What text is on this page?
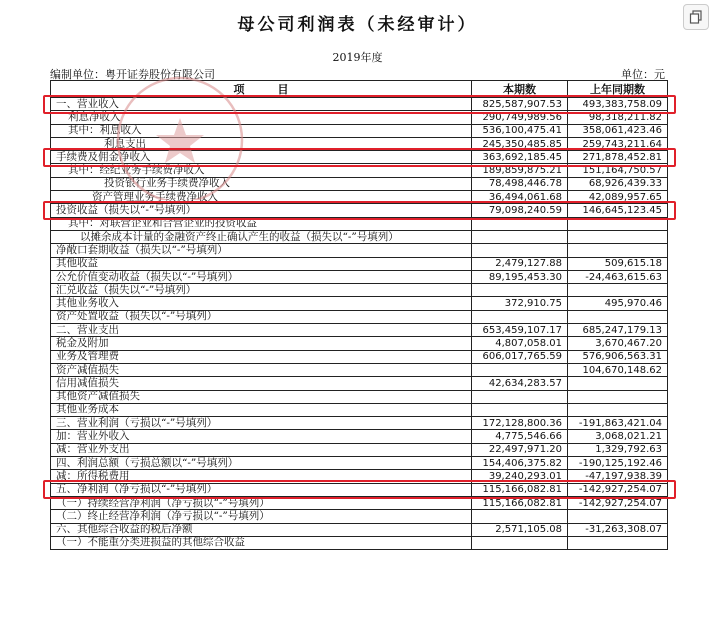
母公司利润表（未经审计）
2019年度
编制单位：粤开证券股份有限公司	单位：元
项　　　目	本期数	上年同期数
一、营业收入	825,587,907.53	493,383,758.09
利息净收入	290,749,989.56	98,318,211.82
其中：利息收入	536,100,475.41	358,061,423.46
利息支出	245,350,485.85	259,743,211.64
手续费及佣金净收入	363,692,185.45	271,878,452.81
其中：经纪业务手续费净收入	189,859,875.21	151,164,750.57
投资银行业务手续费净收入	78,498,446.78	68,926,439.33
资产管理业务手续费净收入	36,494,061.68	42,089,957.65
投资收益（损失以“-”号填列）	79,098,240.59	146,645,123.45
其中：对联营企业和合营企业的投资收益		
以摊余成本计量的金融资产终止确认产生的收益（损失以“-”号填列）		
净敞口套期收益（损失以“-”号填列）		
其他收益	2,479,127.88	509,615.18
公允价值变动收益（损失以“-”号填列）	89,195,453.30	-24,463,615.63
汇兑收益（损失以“-”号填列）		
其他业务收入	372,910.75	495,970.46
资产处置收益（损失以“-”号填列）		
二、营业支出	653,459,107.17	685,247,179.13
税金及附加	4,807,058.01	3,670,467.20
业务及管理费	606,017,765.59	576,906,563.31
资产减值损失		104,670,148.62
信用减值损失	42,634,283.57	
其他资产减值损失		
其他业务成本		
三、营业利润（亏损以“-”号填列）	172,128,800.36	-191,863,421.04
加：营业外收入	4,775,546.66	3,068,021.21
减：营业外支出	22,497,971.20	1,329,792.63
四、利润总额（亏损总额以“-”号填列）	154,406,375.82	-190,125,192.46
减：所得税费用	39,240,293.01	-47,197,938.39
五、净利润（净亏损以“-”号填列）	115,166,082.81	-142,927,254.07
（一）持续经营净利润（净亏损以“-”号填列）	115,166,082.81	-142,927,254.07
（二）终止经营净利润（净亏损以“-”号填列）		
六、其他综合收益的税后净额	2,571,105.08	-31,263,308.07
（一）不能重分类进损益的其他综合收益		
